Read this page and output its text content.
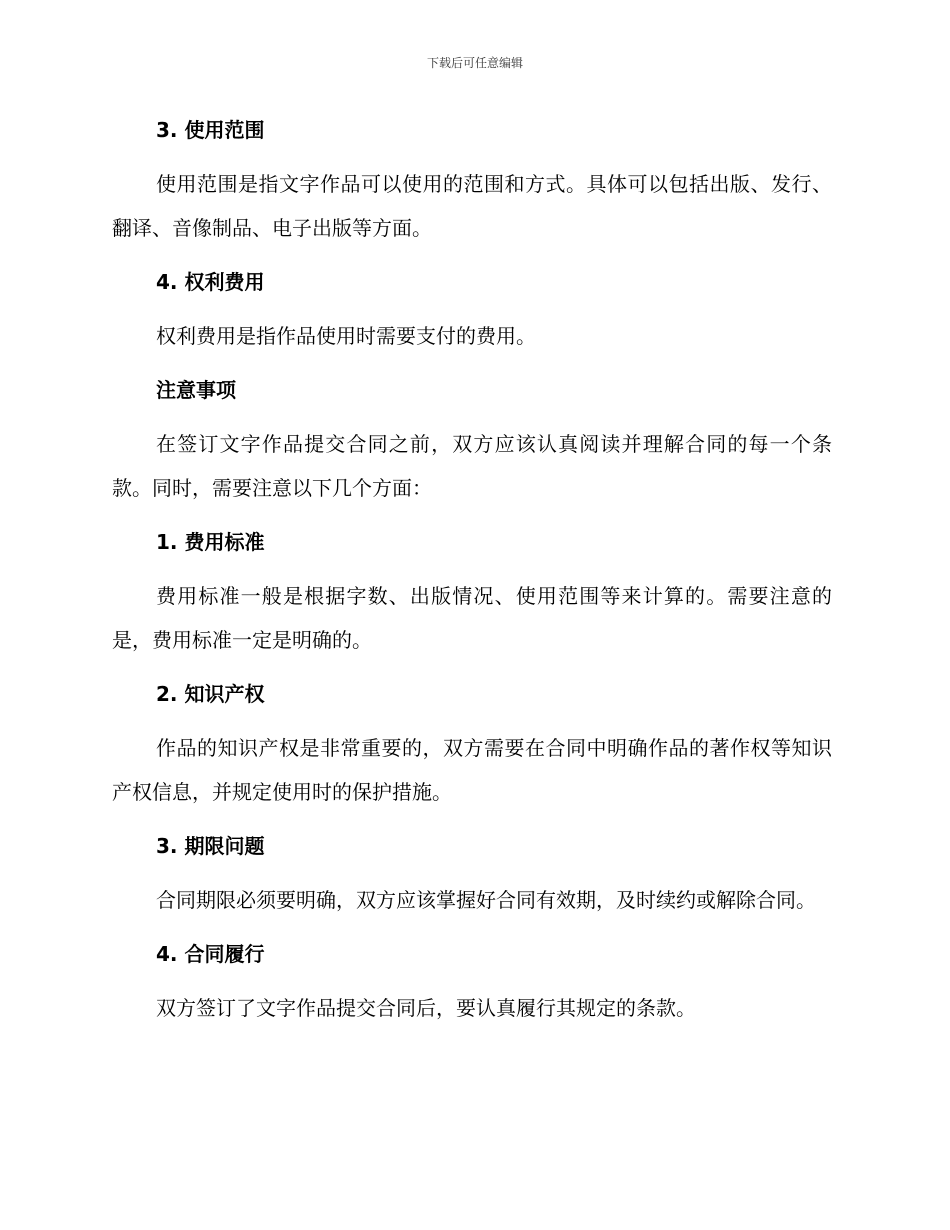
下载后可任意编辑
3. 使用范围
使用范围是指文字作品可以使用的范围和方式。具体可以包括出版、发行、翻译、音像制品、电子出版等方面。
4. 权利费用
权利费用是指作品使用时需要支付的费用。
注意事项
在签订文字作品提交合同之前，双方应该认真阅读并理解合同的每一个条款。同时，需要注意以下几个方面：
1. 费用标准
费用标准一般是根据字数、出版情况、使用范围等来计算的。需要注意的是，费用标准一定是明确的。
2. 知识产权
作品的知识产权是非常重要的，双方需要在合同中明确作品的著作权等知识产权信息，并规定使用时的保护措施。
3. 期限问题
合同期限必须要明确，双方应该掌握好合同有效期，及时续约或解除合同。
4. 合同履行
双方签订了文字作品提交合同后，要认真履行其规定的条款。
